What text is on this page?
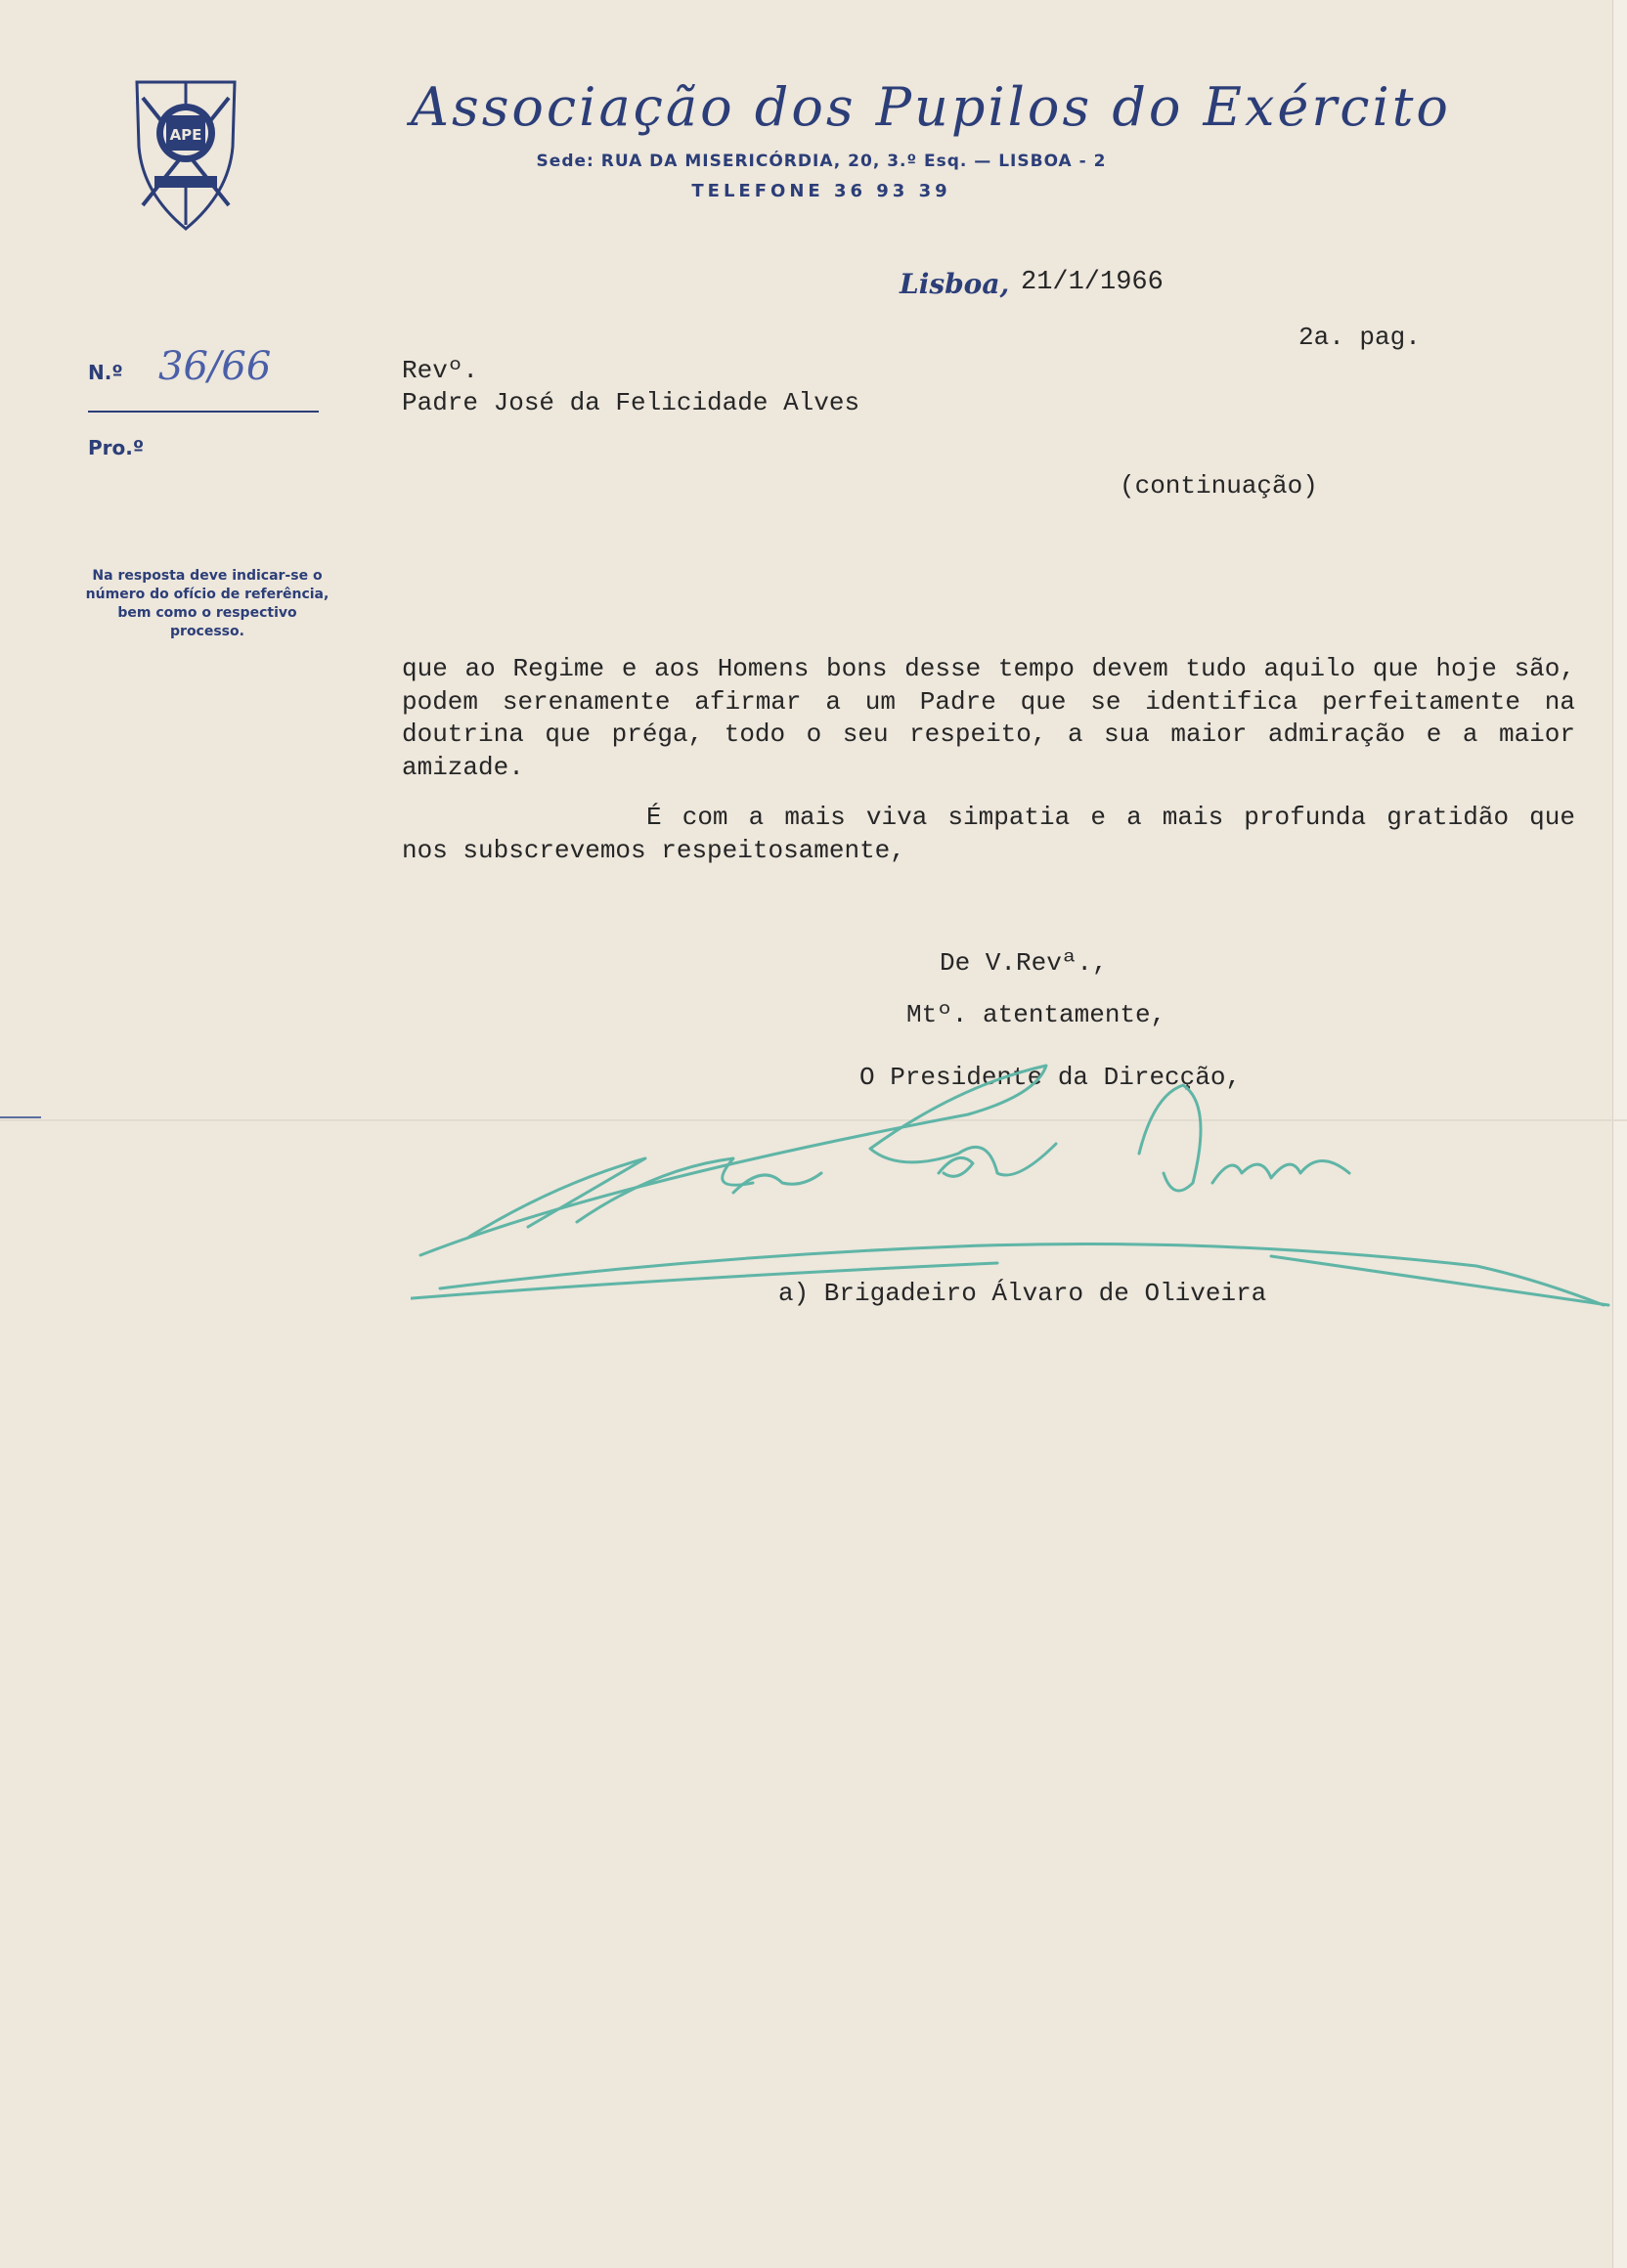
APE	Associação dos Pupilos do Exército
Sede: RUA DA MISERICÓRDIA, 20, 3.º Esq. — LISBOA - 2
TELEFONE 36 93 39
N.º 36/66
Pro.º
Na resposta deve indicar-se o número do ofício de referência, bem como o respectivo processo.
Lisboa, 21/1/1966
2a. pag.
Revº.
Padre José da Felicidade Alves
(continuação)

que ao Regime e aos Homens bons desse tempo devem tudo aquilo que hoje são, podem serenamente afirmar a um Padre que se identifica perfeitamente na doutrina que préga, todo o seu respeito, a sua maior admiração e a maior amizade.

É com a mais viva simpatia e a mais profunda gratidão que nos subscrevemos respeitosamente,

De V.Revª.,
Mtº. atentamente,
O Presidente da Direcção,
a) Brigadeiro Álvaro de Oliveira
